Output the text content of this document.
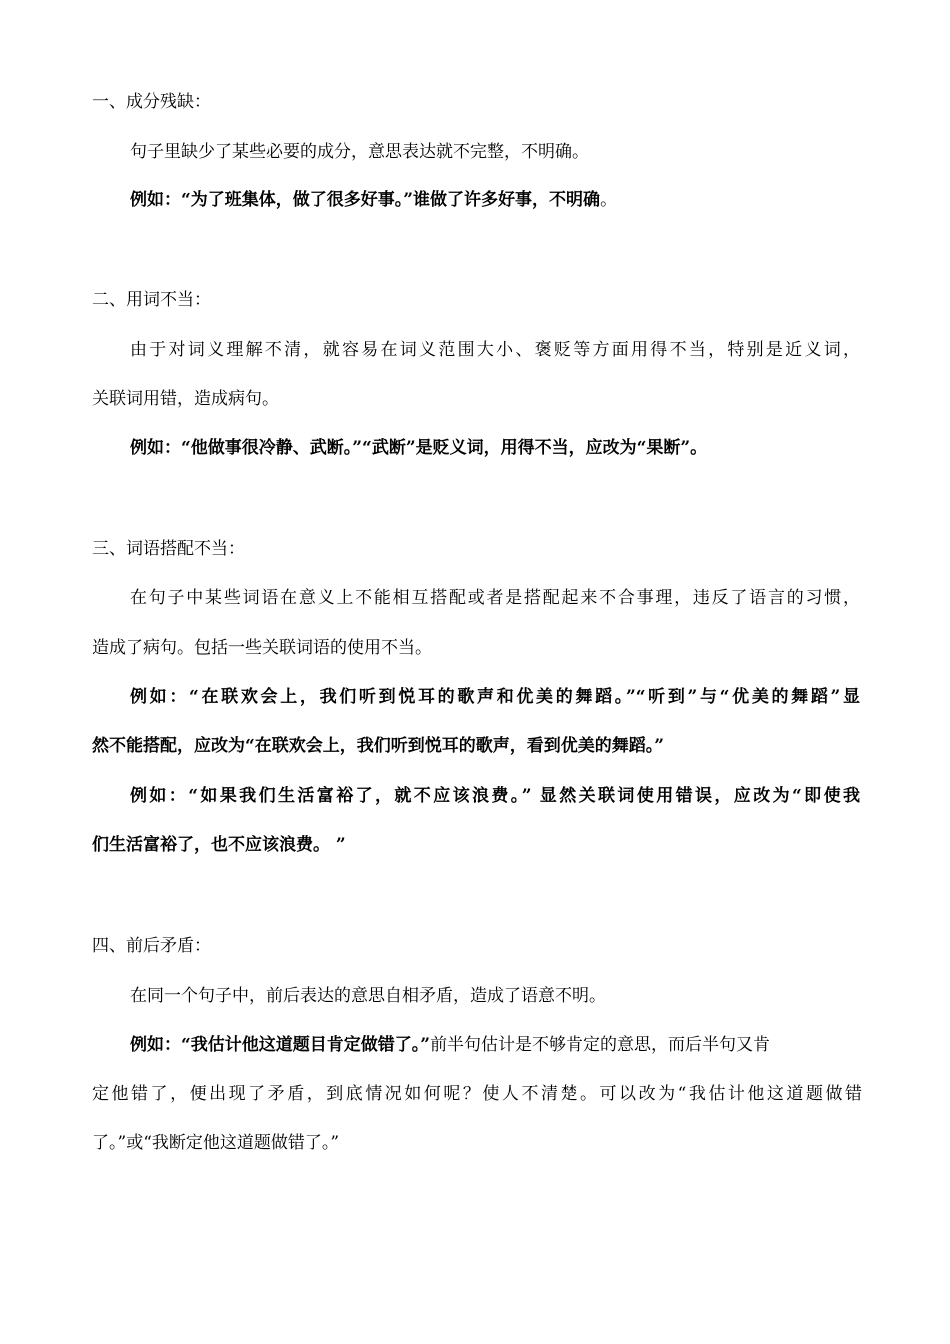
一、成分残缺：
句子里缺少了某些必要的成分，意思表达就不完整，不明确。
例如：“为了班集体，做了很多好事。”谁做了许多好事，不明确。
二、用词不当：
由于对词义理解不清，就容易在词义范围大小、褒贬等方面用得不当，特别是近义词，
关联词用错，造成病句。
例如：“他做事很冷静、武断。”“武断”是贬义词，用得不当，应改为“果断”。
三、词语搭配不当：
在句子中某些词语在意义上不能相互搭配或者是搭配起来不合事理，违反了语言的习惯，
造成了病句。包括一些关联词语的使用不当。
例如：“在联欢会上，我们听到悦耳的歌声和优美的舞蹈。”“听到”与“优美的舞蹈”显
然不能搭配，应改为“在联欢会上，我们听到悦耳的歌声，看到优美的舞蹈。”
例如：“如果我们生活富裕了，就不应该浪费。” 显然关联词使用错误，应改为“即使我
们生活富裕了，也不应该浪费。 ”
四、前后矛盾：
在同一个句子中，前后表达的意思自相矛盾，造成了语意不明。
例如：“我估计他这道题目肯定做错了。”前半句估计是不够肯定的意思，而后半句又肯
定他错了，便出现了矛盾，到底情况如何呢？使人不清楚。可以改为“我估计他这道题做错
了。”或“我断定他这道题做错了。”
